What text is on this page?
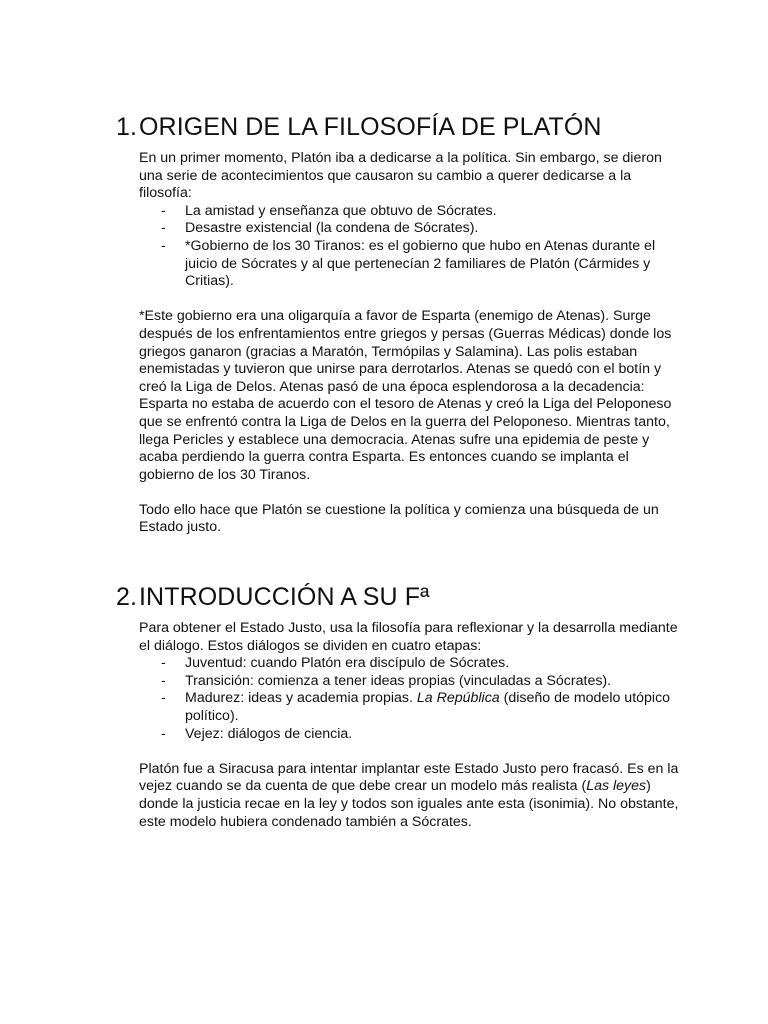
1.ORIGEN DE LA FILOSOFÍA DE PLATÓN

En un primer momento, Platón iba a dedicarse a la política. Sin embargo, se dieron una serie de acontecimientos que causaron su cambio a querer dedicarse a la filosofía:

- La amistad y enseñanza que obtuvo de Sócrates.
- Desastre existencial (la condena de Sócrates).
- *Gobierno de los 30 Tiranos: es el gobierno que hubo en Atenas durante el juicio de Sócrates y al que pertenecían 2 familiares de Platón (Cármides y Critias).

*Este gobierno era una oligarquía a favor de Esparta (enemigo de Atenas). Surge después de los enfrentamientos entre griegos y persas (Guerras Médicas) donde los griegos ganaron (gracias a Maratón, Termópilas y Salamina). Las polis estaban enemistadas y tuvieron que unirse para derrotarlos. Atenas se quedó con el botín y creó la Liga de Delos. Atenas pasó de una época esplendorosa a la decadencia: Esparta no estaba de acuerdo con el tesoro de Atenas y creó la Liga del Peloponeso que se enfrentó contra la Liga de Delos en la guerra del Peloponeso. Mientras tanto, llega Pericles y establece una democracia. Atenas sufre una epidemia de peste y acaba perdiendo la guerra contra Esparta. Es entonces cuando se implanta el gobierno de los 30 Tiranos.

Todo ello hace que Platón se cuestione la política y comienza una búsqueda de un Estado justo.

2.INTRODUCCIÓN A SU Fª

Para obtener el Estado Justo, usa la filosofía para reflexionar y la desarrolla mediante el diálogo. Estos diálogos se dividen en cuatro etapas:

- Juventud: cuando Platón era discípulo de Sócrates.
- Transición: comienza a tener ideas propias (vinculadas a Sócrates).
- Madurez: ideas y academia propias. La República (diseño de modelo utópico político).
- Vejez: diálogos de ciencia.

Platón fue a Siracusa para intentar implantar este Estado Justo pero fracasó. Es en la vejez cuando se da cuenta de que debe crear un modelo más realista (Las leyes) donde la justicia recae en la ley y todos son iguales ante esta (isonimia). No obstante, este modelo hubiera condenado también a Sócrates.
